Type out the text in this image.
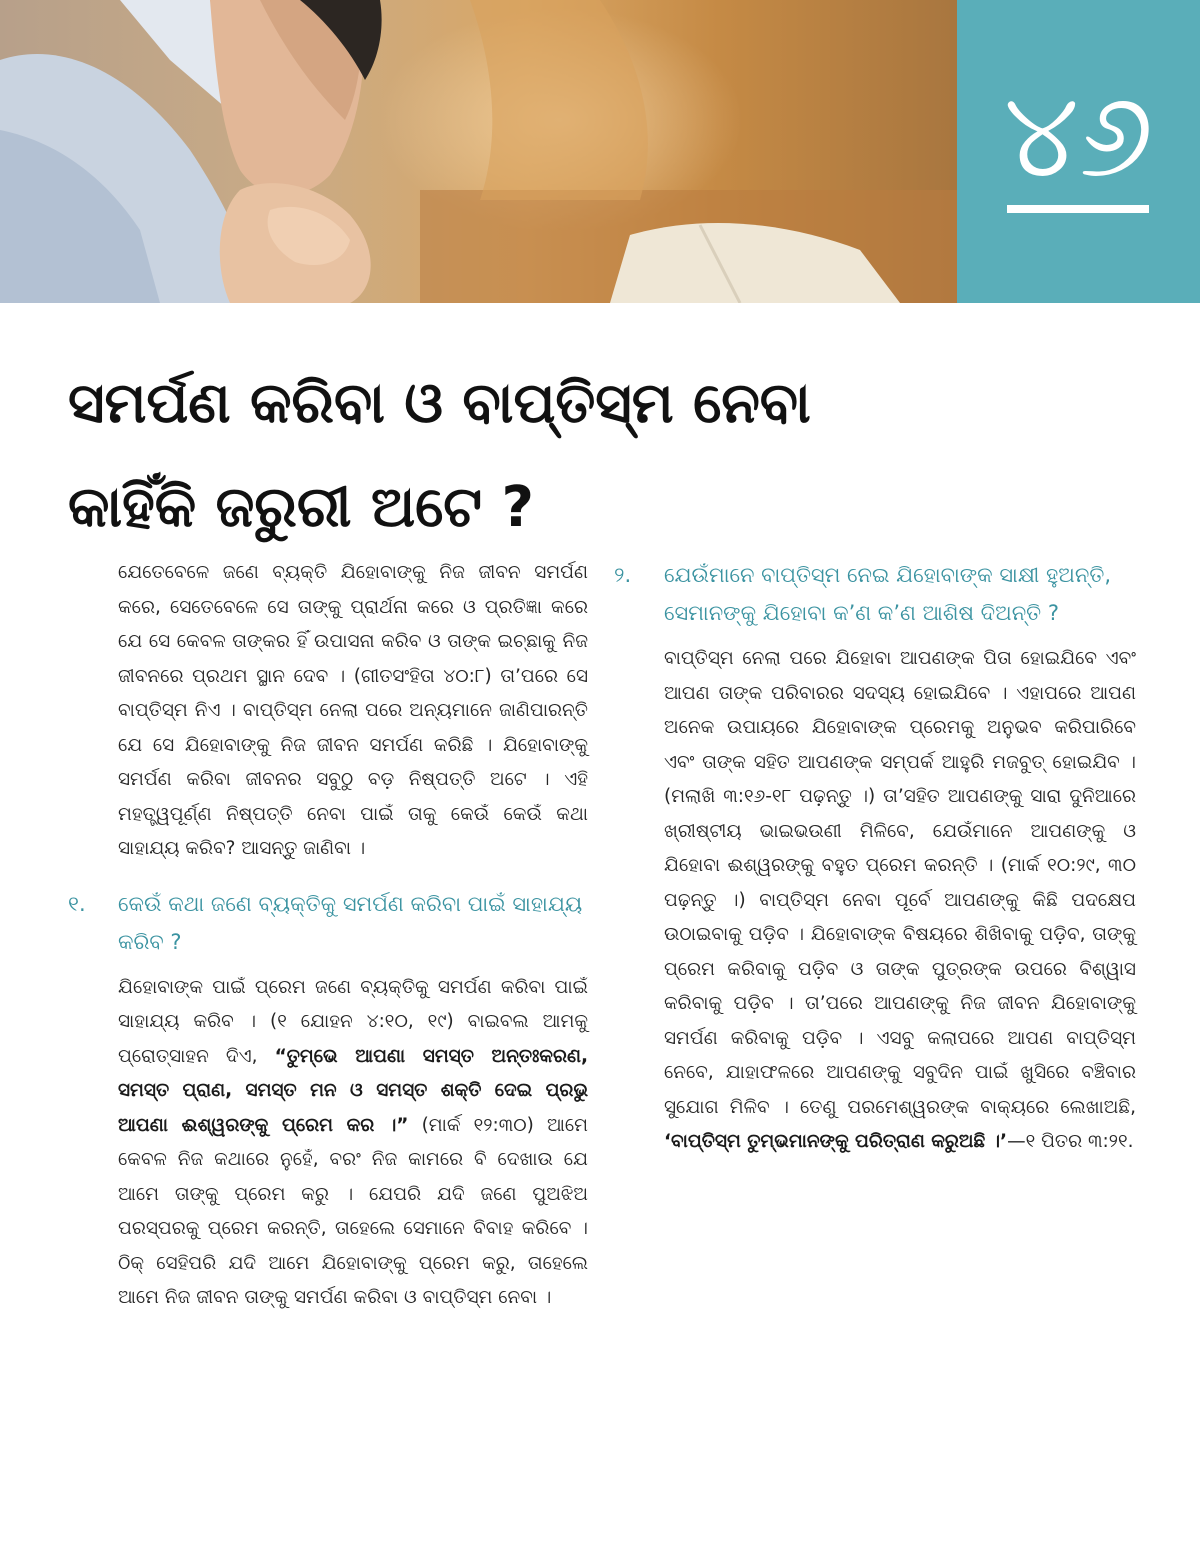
୪୬
ସମର୍ପଣ କରିବା ଓ ବାପ୍ତିସ୍ମ ନେବା
କାହିଁକି ଜରୁରୀ ଅଟେ ?

ଯେତେବେଳେ ଜଣେ ବ୍ୟକ୍ତି ଯିହୋବାଙ୍କୁ ନିଜ ଜୀବନ ସମର୍ପଣ କରେ, ସେତେବେଳେ ସେ ତାଙ୍କୁ ପ୍ରାର୍ଥନା କରେ ଓ ପ୍ରତିଜ୍ଞା କରେ ଯେ ସେ କେବଳ ତାଙ୍କର ହିଁ ଉପାସନା କରିବ ଓ ତାଙ୍କ ଇଚ୍ଛାକୁ ନିଜ ଜୀବନରେ ପ୍ରଥମ ସ୍ଥାନ ଦେବ । (ଗୀତସଂହିତା ୪୦:୮) ତା’ପରେ ସେ ବାପ୍ତିସ୍ମ ନିଏ । ବାପ୍ତିସ୍ମ ନେଲା ପରେ ଅନ୍ୟମାନେ ଜାଣିପାରନ୍ତି ଯେ ସେ ଯିହୋବାଙ୍କୁ ନିଜ ଜୀବନ ସମର୍ପଣ କରିଛି । ଯିହୋବାଙ୍କୁ ସମର୍ପଣ କରିବା ଜୀବନର ସବୁଠୁ ବଡ଼ ନିଷ୍ପତ୍ତି ଅଟେ । ଏହି ମହତ୍ତ୍ୱପୂର୍ଣ୍ଣ ନିଷ୍ପତ୍ତି ନେବା ପାଇଁ ତାକୁ କେଉଁ କେଉଁ କଥା ସାହାଯ୍ୟ କରିବ? ଆସନ୍ତୁ ଜାଣିବା ।

୧.	କେଉଁ କଥା ଜଣେ ବ୍ୟକ୍ତିକୁ ସମର୍ପଣ କରିବା ପାଇଁ ସାହାଯ୍ୟ କରିବ ?

ଯିହୋବାଙ୍କ ପାଇଁ ପ୍ରେମ ଜଣେ ବ୍ୟକ୍ତିକୁ ସମର୍ପଣ କରିବା ପାଇଁ ସାହାଯ୍ୟ କରିବ । (୧ ଯୋହନ ୪:୧୦, ୧୯) ବାଇବଲ ଆମକୁ ପ୍ରୋତ୍ସାହନ ଦିଏ, “ତୁମ୍ଭେ ଆପଣା ସମସ୍ତ ଅନ୍ତଃକରଣ, ସମସ୍ତ ପ୍ରାଣ, ସମସ୍ତ ମନ ଓ ସମସ୍ତ ଶକ୍ତି ଦେଇ ପ୍ରଭୁ ଆପଣା ଈଶ୍ୱରଙ୍କୁ ପ୍ରେମ କର ।” (ମାର୍କ ୧୨:୩୦) ଆମେ କେବଳ ନିଜ କଥାରେ ନୁହେଁ, ବରଂ ନିଜ କାମରେ ବି ଦେଖାଉ ଯେ ଆମେ ତାଙ୍କୁ ପ୍ରେମ କରୁ । ଯେପରି ଯଦି ଜଣେ ପୁଅଝିଅ ପରସ୍ପରକୁ ପ୍ରେମ କରନ୍ତି, ତାହେଲେ ସେମାନେ ବିବାହ କରିବେ । ଠିକ୍ ସେହିପରି ଯଦି ଆମେ ଯିହୋବାଙ୍କୁ ପ୍ରେମ କରୁ, ତାହେଲେ ଆମେ ନିଜ ଜୀବନ ତାଙ୍କୁ ସମର୍ପଣ କରିବା ଓ ବାପ୍ତିସ୍ମ ନେବା ।

୨.	ଯେଉଁମାନେ ବାପ୍ତିସ୍ମ ନେଇ ଯିହୋବାଙ୍କ ସାକ୍ଷୀ ହୁଅନ୍ତି, ସେମାନଙ୍କୁ ଯିହୋବା କ’ଣ କ’ଣ ଆଶିଷ ଦିଅନ୍ତି ?

ବାପ୍ତିସ୍ମ ନେଲା ପରେ ଯିହୋବା ଆପଣଙ୍କ ପିତା ହୋଇଯିବେ ଏବଂ ଆପଣ ତାଙ୍କ ପରିବାରର ସଦସ୍ୟ ହୋଇଯିବେ । ଏହାପରେ ଆପଣ ଅନେକ ଉପାୟରେ ଯିହୋବାଙ୍କ ପ୍ରେମକୁ ଅନୁଭବ କରିପାରିବେ ଏବଂ ତାଙ୍କ ସହିତ ଆପଣଙ୍କ ସମ୍ପର୍କ ଆହୁରି ମଜବୁତ୍ ହୋଇଯିବ । (ମଲାଖି ୩:୧୬-୧୮ ପଢ଼ନ୍ତୁ ।) ତା’ସହିତ ଆପଣଙ୍କୁ ସାରା ଦୁନିଆରେ ଖ୍ରୀଷ୍ଟୀୟ ଭାଇଭଉଣୀ ମିଳିବେ, ଯେଉଁମାନେ ଆପଣଙ୍କୁ ଓ ଯିହୋବା ଈଶ୍ୱରଙ୍କୁ ବହୁତ ପ୍ରେମ କରନ୍ତି । (ମାର୍କ ୧୦:୨୯, ୩୦ ପଢ଼ନ୍ତୁ ।) ବାପ୍ତିସ୍ମ ନେବା ପୂର୍ବେ ଆପଣଙ୍କୁ କିଛି ପଦକ୍ଷେପ ଉଠାଇବାକୁ ପଡ଼ିବ । ଯିହୋବାଙ୍କ ବିଷୟରେ ଶିଖିବାକୁ ପଡ଼ିବ, ତାଙ୍କୁ ପ୍ରେମ କରିବାକୁ ପଡ଼ିବ ଓ ତାଙ୍କ ପୁତ୍ରଙ୍କ ଉପରେ ବିଶ୍ୱାସ କରିବାକୁ ପଡ଼ିବ । ତା’ପରେ ଆପଣଙ୍କୁ ନିଜ ଜୀବନ ଯିହୋବାଙ୍କୁ ସମର୍ପଣ କରିବାକୁ ପଡ଼ିବ । ଏସବୁ କଲାପରେ ଆପଣ ବାପ୍ତିସ୍ମ ନେବେ, ଯାହାଫଳରେ ଆପଣଙ୍କୁ ସବୁଦିନ ପାଇଁ ଖୁସିରେ ବଞ୍ଚିବାର ସୁଯୋଗ ମିଳିବ । ତେଣୁ ପରମେଶ୍ୱରଙ୍କ ବାକ୍ୟରେ ଲେଖାଅଛି, ‘ବାପ୍ତିସ୍ମ ତୁମ୍ଭମାନଙ୍କୁ ପରିତ୍ରାଣ କରୁଅଛି ।’—୧ ପିତର ୩:୨୧.
